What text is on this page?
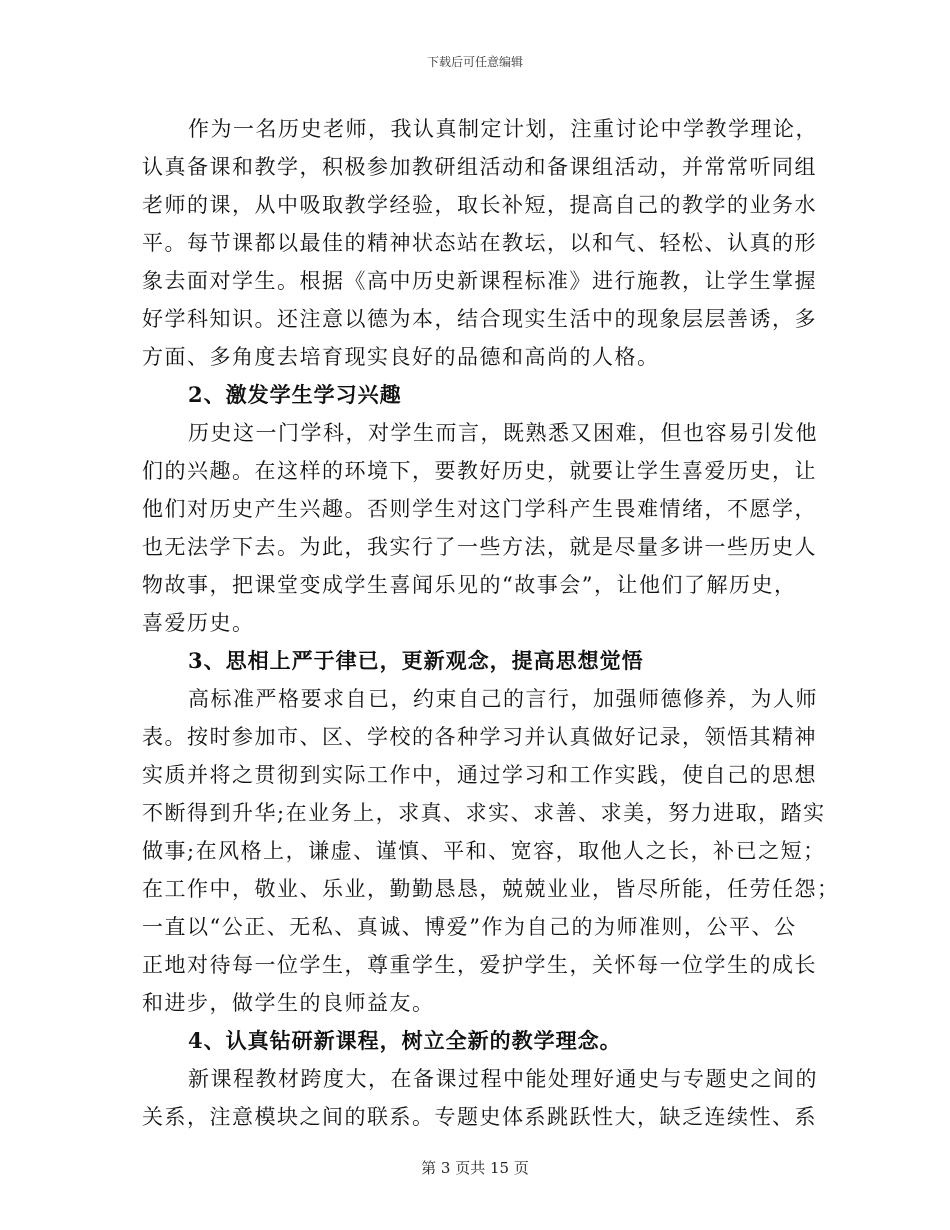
下载后可任意编辑
作为一名历史老师，我认真制定计划，注重讨论中学教学理论，
认真备课和教学，积极参加教研组活动和备课组活动，并常常听同组
老师的课，从中吸取教学经验，取长补短，提高自己的教学的业务水
平。每节课都以最佳的精神状态站在教坛，以和气、轻松、认真的形
象去面对学生。根据《高中历史新课程标准》进行施教，让学生掌握
好学科知识。还注意以德为本，结合现实生活中的现象层层善诱，多
方面、多角度去培育现实良好的品德和高尚的人格。
2、激发学生学习兴趣
历史这一门学科，对学生而言，既熟悉又困难，但也容易引发他
们的兴趣。在这样的环境下，要教好历史，就要让学生喜爱历史，让
他们对历史产生兴趣。否则学生对这门学科产生畏难情绪，不愿学，
也无法学下去。为此，我实行了一些方法，就是尽量多讲一些历史人
物故事，把课堂变成学生喜闻乐见的“故事会”，让他们了解历史，
喜爱历史。
3、思相上严于律已，更新观念，提高思想觉悟
高标准严格要求自已，约束自己的言行，加强师德修养，为人师
表。按时参加市、区、学校的各种学习并认真做好记录，领悟其精神
实质并将之贯彻到实际工作中，通过学习和工作实践，使自己的思想
不断得到升华;在业务上，求真、求实、求善、求美，努力进取，踏实
做事;在风格上，谦虚、谨慎、平和、宽容，取他人之长，补已之短；
在工作中，敬业、乐业，勤勤恳恳，兢兢业业，皆尽所能，任劳任怨；
一直以“公正、无私、真诚、博爱”作为自己的为师准则，公平、公
正地对待每一位学生，尊重学生，爱护学生，关怀每一位学生的成长
和进步，做学生的良师益友。
4、认真钻研新课程，树立全新的教学理念。
新课程教材跨度大，在备课过程中能处理好通史与专题史之间的
关系，注意模块之间的联系。专题史体系跳跃性大，缺乏连续性、系
第 3 页共 15 页
